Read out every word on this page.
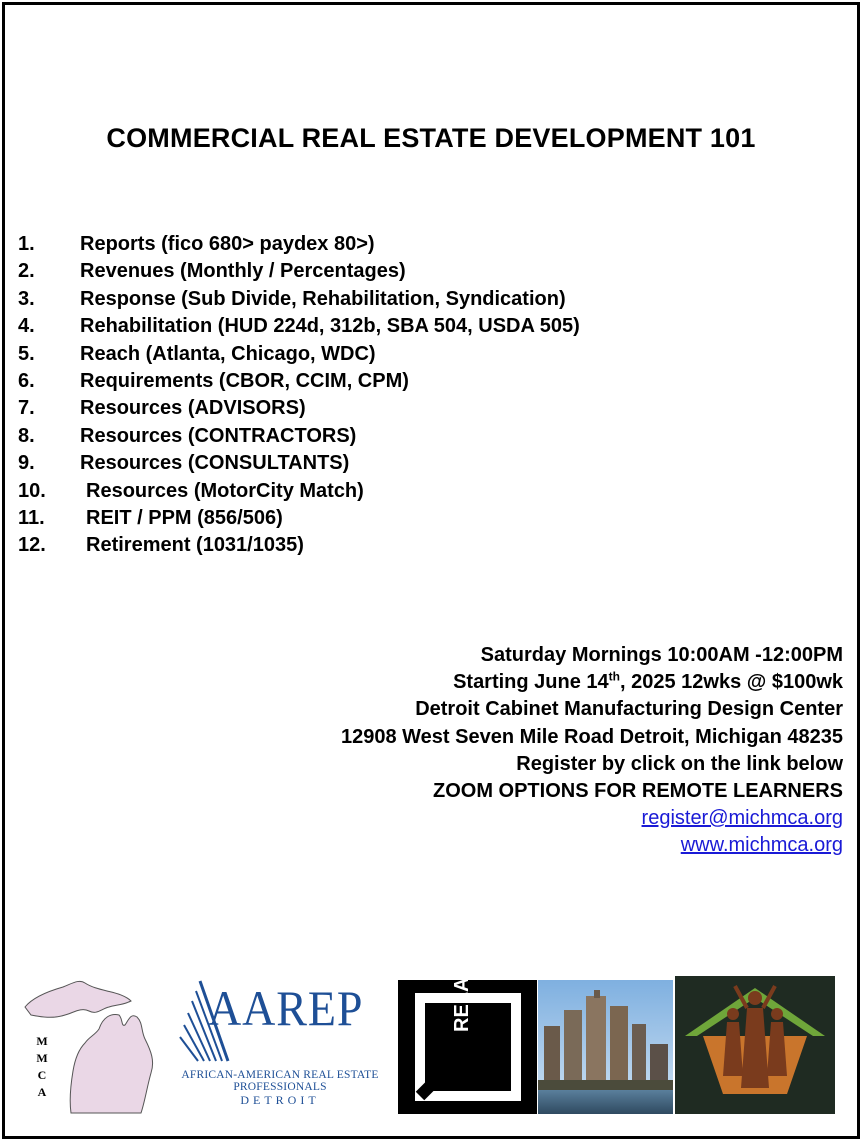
COMMERCIAL REAL ESTATE DEVELOPMENT 101
1. Reports (fico 680> paydex 80>)
2. Revenues (Monthly / Percentages)
3. Response (Sub Divide, Rehabilitation, Syndication)
4. Rehabilitation (HUD 224d, 312b, SBA 504, USDA 505)
5. Reach (Atlanta, Chicago, WDC)
6. Requirements (CBOR, CCIM, CPM)
7. Resources (ADVISORS)
8. Resources (CONTRACTORS)
9. Resources (CONSULTANTS)
10. Resources (MotorCity Match)
11. REIT / PPM (856/506)
12. Retirement (1031/1035)
Saturday Mornings 10:00AM -12:00PM
Starting June 14th, 2025 12wks @ $100wk
Detroit Cabinet Manufacturing Design Center
12908 West Seven Mile Road Detroit, Michigan 48235
Register by click on the link below
ZOOM OPTIONS FOR REMOTE LEARNERS
register@michmca.org
www.michmca.org
M
M
C
A
AAREP
AFRICAN-AMERICAN REAL ESTATE PROFESSIONALS
DETROIT
RELA
